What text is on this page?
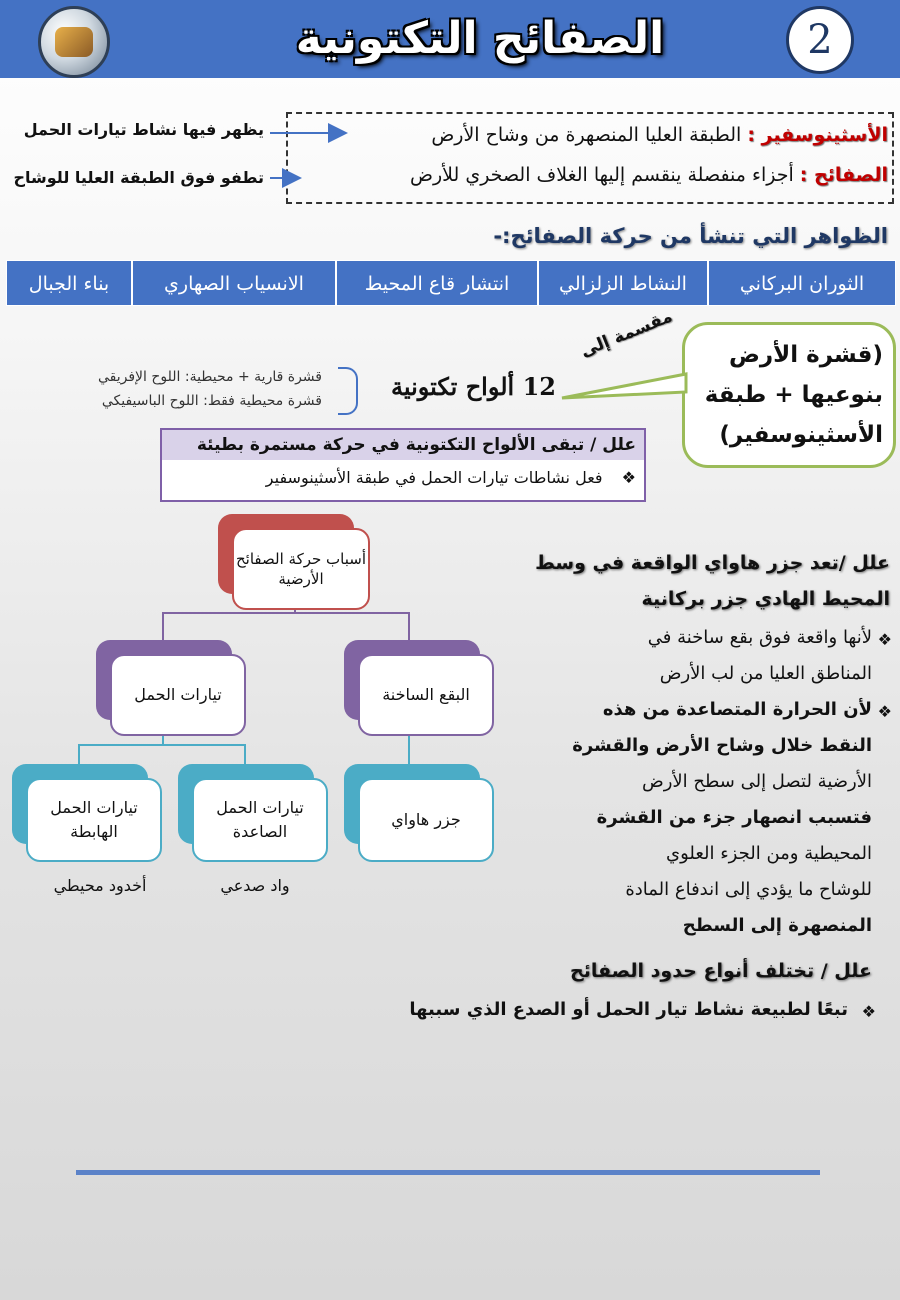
الصفائح التكتونية	2
الأسثينوسفير : الطبقة العليا المنصهرة من وشاح الأرض
الصفائح : أجزاء منفصلة ينقسم إليها الغلاف الصخري للأرض
يظهر فيها نشاط تيارات الحمل
تطفو فوق الطبقة العليا للوشاح
الظواهر التي تنشأ من حركة الصفائح:-
الثوران البركاني
النشاط الزلزالي
انتشار قاع المحيط
الانسياب الصهاري
بناء الجبال
(قشرة الأرض
بنوعيها + طبقة
الأسثينوسفير)
مقسمة إلى
12 ألواح تكتونية
قشرة قارية + محيطية: اللوح الإفريقي
قشرة محيطية فقط: اللوح الباسيفيكي
علل / تبقى الألواح التكتونية في حركة مستمرة بطيئة
❖ فعل نشاطات تيارات الحمل في طبقة الأسثينوسفير
أسباب حركة الصفائح الأرضية
تيارات الحمل	البقع الساخنة
تيارات الحمل الهابطة
تيارات الحمل الصاعدة
جزر هاواي
أخدود محيطي	واد صدعي
علل /تعد جزر هاواي الواقعة في وسط
المحيط الهادي جزر بركانية
❖
لأنها واقعة فوق بقع ساخنة في
المناطق العليا من لب الأرض
❖
لأن الحرارة المتصاعدة من هذه
النقط خلال وشاح الأرض والقشرة
الأرضية لتصل إلى سطح الأرض
فتسبب انصهار جزء من القشرة
المحيطية ومن الجزء العلوي
للوشاح ما يؤدي إلى اندفاع المادة
المنصهرة إلى السطح
علل / تختلف أنواع حدود الصفائح
❖
تبعًا لطبيعة نشاط تيار الحمل أو الصدع الذي سببها
